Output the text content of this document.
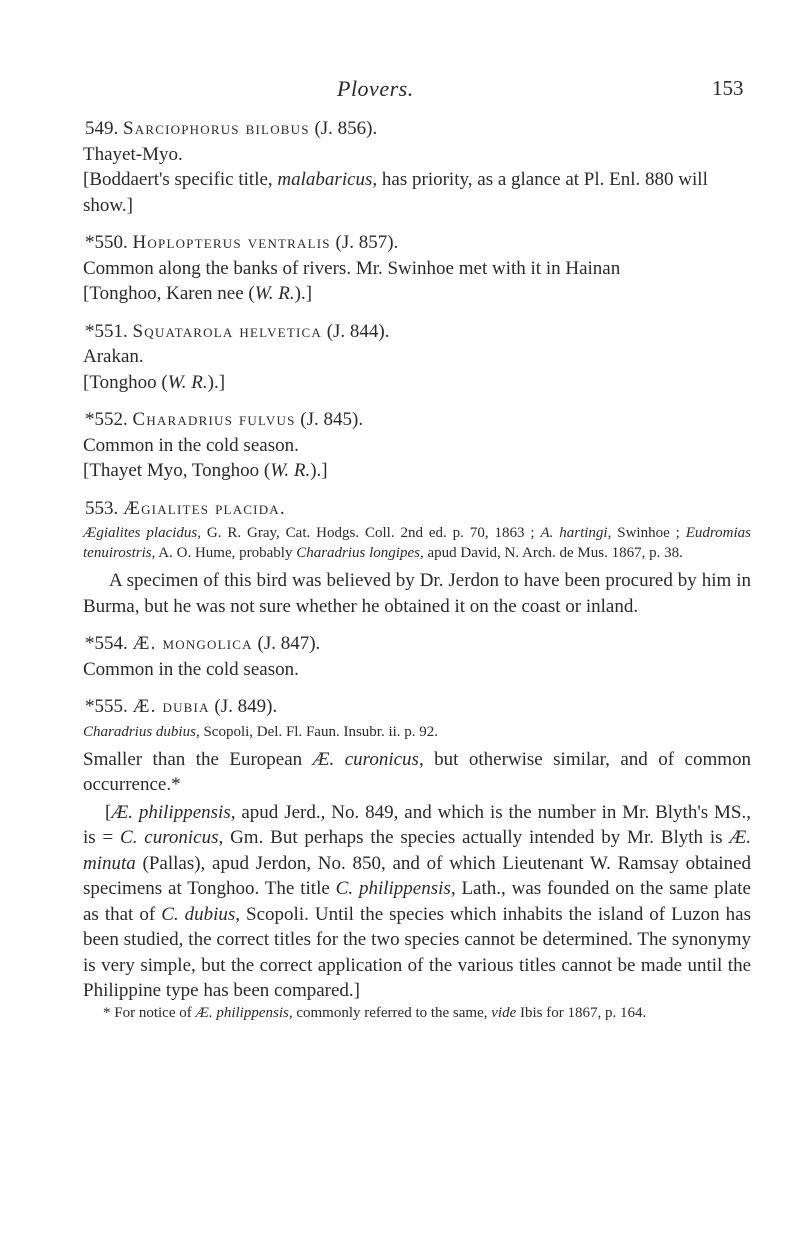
Plovers.	153

549. Sarciophorus bilobus (J. 856).

Thayet-Myo.

[Boddaert's specific title, malabaricus, has priority, as a glance at Pl. Enl. 880 will show.]

*550. Hoplopterus ventralis (J. 857).

Common along the banks of rivers. Mr. Swinhoe met with it in Hainan

[Tonghoo, Karen nee (W. R.).]

*551. Squatarola helvetica (J. 844).

Arakan.

[Tonghoo (W. R.).]

*552. Charadrius fulvus (J. 845).

Common in the cold season.

[Thayet Myo, Tonghoo (W. R.).]

553. Ægialites placida.

Ægialites placidus, G. R. Gray, Cat. Hodgs. Coll. 2nd ed. p. 70, 1863 ; A. hartingi, Swinhoe ; Eudromias tenuirostris, A. O. Hume, probably Charadrius longipes, apud David, N. Arch. de Mus. 1867, p. 38.

A specimen of this bird was believed by Dr. Jerdon to have been procured by him in Burma, but he was not sure whether he obtained it on the coast or inland.

*554. Æ. mongolica (J. 847).

Common in the cold season.

*555. Æ. dubia (J. 849).

Charadrius dubius, Scopoli, Del. Fl. Faun. Insubr. ii. p. 92.

Smaller than the European Æ. curonicus, but otherwise similar, and of common occurrence.*

[Æ. philippensis, apud Jerd., No. 849, and which is the number in Mr. Blyth's MS., is = C. curonicus, Gm. But perhaps the species actually intended by Mr. Blyth is Æ. minuta (Pallas), apud Jerdon, No. 850, and of which Lieutenant W. Ramsay obtained specimens at Tonghoo. The title C. philippensis, Lath., was founded on the same plate as that of C. dubius, Scopoli. Until the species which inhabits the island of Luzon has been studied, the correct titles for the two species cannot be determined. The synonymy is very simple, but the correct application of the various titles cannot be made until the Philippine type has been compared.]

* For notice of Æ. philippensis, commonly referred to the same, vide Ibis for 1867, p. 164.
